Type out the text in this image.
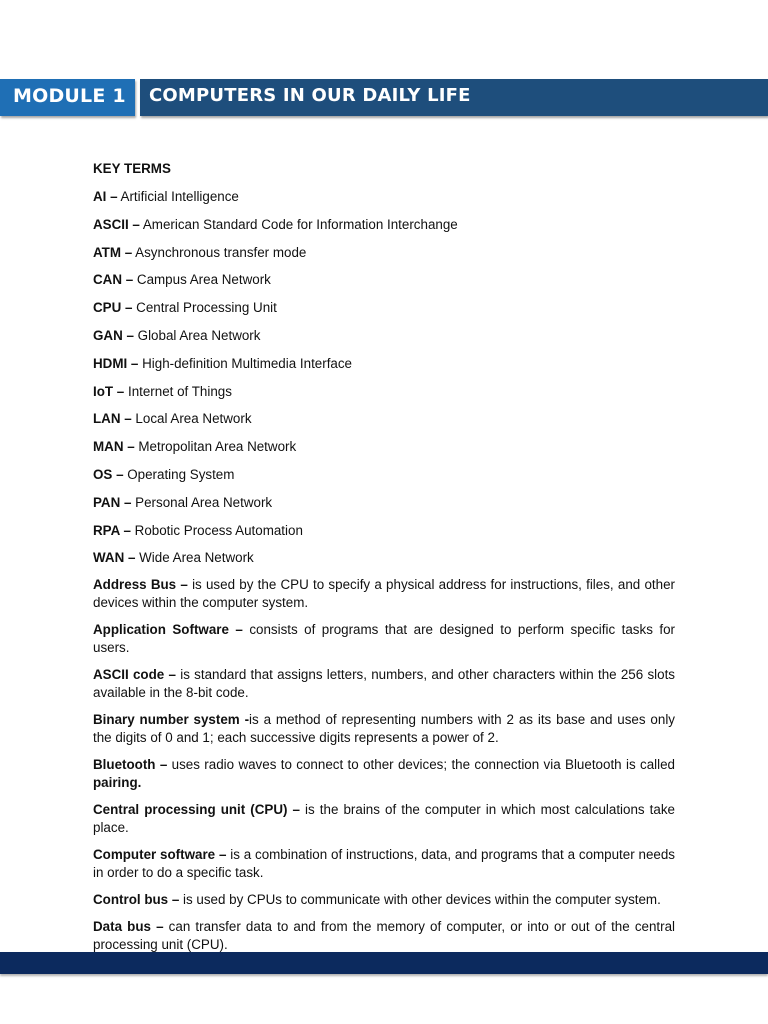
MODULE 1 COMPUTERS IN OUR DAILY LIFE
KEY TERMS
AI – Artificial Intelligence
ASCII – American Standard Code for Information Interchange
ATM – Asynchronous transfer mode
CAN – Campus Area Network
CPU – Central Processing Unit
GAN – Global Area Network
HDMI – High-definition Multimedia Interface
IoT – Internet of Things
LAN – Local Area Network
MAN – Metropolitan Area Network
OS – Operating System
PAN – Personal Area Network
RPA – Robotic Process Automation
WAN – Wide Area Network
Address Bus – is used by the CPU to specify a physical address for instructions, files, and other devices within the computer system.
Application Software – consists of programs that are designed to perform specific tasks for users.
ASCII code – is standard that assigns letters, numbers, and other characters within the 256 slots available in the 8-bit code.
Binary number system -is a method of representing numbers with 2 as its base and uses only the digits of 0 and 1; each successive digits represents a power of 2.
Bluetooth – uses radio waves to connect to other devices; the connection via Bluetooth is called pairing.
Central processing unit (CPU) – is the brains of the computer in which most calculations take place.
Computer software – is a combination of instructions, data, and programs that a computer needs in order to do a specific task.
Control bus – is used by CPUs to communicate with other devices within the computer system.
Data bus – can transfer data to and from the memory of computer, or into or out of the central processing unit (CPU).
